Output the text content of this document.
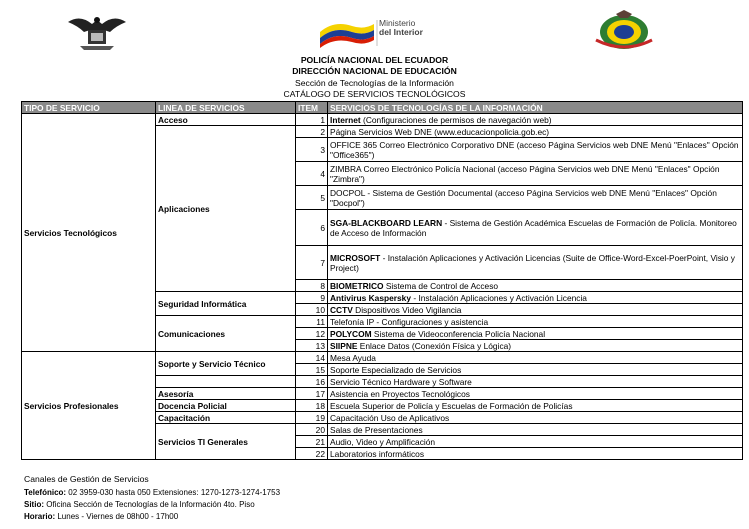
Ministerio
del Interior
POLICÍA NACIONAL DEL ECUADOR
DIRECCIÓN NACIONAL DE EDUCACIÓN
Sección de Tecnologías de la Información
CATÁLOGO DE SERVICIOS TECNOLÓGICOS
TIPO DE SERVICIO	LINEA DE SERVICIOS	ITEM	SERVICIOS DE TECNOLOGÍAS DE LA INFORMACIÓN
Servicios Tecnológicos	Acceso	1	Internet (Configuraciones de permisos de navegación web)
	Aplicaciones	2	Página Servicios Web DNE (www.educacionpolicia.gob.ec)
		3	OFFICE 365 Correo Electrónico Corporativo DNE (acceso Página Servicios web DNE Menú "Enlaces" Opción "Office365")
		4	ZIMBRA Correo Electrónico Policía Nacional (acceso Página Servicios web DNE Menú "Enlaces" Opción "Zimbra")
		5	DOCPOL - Sistema de Gestión Documental (acceso Página Servicios web DNE Menú "Enlaces" Opción "Docpol")
		6	SGA-BLACKBOARD LEARN - Sistema de Gestión Académica Escuelas de Formación de Policía. Monitoreo de Acceso de Información
		7	MICROSOFT - Instalación Aplicaciones y Activación Licencias (Suite de Office-Word-Excel-PoerPoint, Visio y Project)
		8	BIOMETRICO Sistema de Control de Acceso
	Seguridad Informática	9	Antivirus Kaspersky - Instalación Aplicaciones y Activación Licencia
		10	CCTV Dispositivos Video Vigilancia
	Comunicaciones	11	Telefonía IP - Configuraciones y asistencia
		12	POLYCOM Sistema de Videoconferencia Policía Nacional
		13	SIIPNE Enlace Datos (Conexión Física y Lógica)
Servicios Profesionales	Soporte y Servicio Técnico	14	Mesa Ayuda
		15	Soporte Especializado de Servicios
		16	Servicio Técnico Hardware y Software
	Asesoría	17	Asistencia en Proyectos Tecnológicos
	Docencia Policial	18	Escuela Superior de Policía y Escuelas de Formación de Policías
	Capacitación	19	Capacitación Uso de Aplicativos
	Servicios TI Generales	20	Salas de Presentaciones
		21	Audio, Video y Amplificación
		22	Laboratorios informáticos
Canales de Gestión de Servicios
Telefónico: 02 3959-030 hasta 050 Extensiones: 1270-1273-1274-1753
Sitio: Oficina Sección de Tecnologías de la Información 4to. Piso
Horario: Lunes - Viernes de 08h00 - 17h00
